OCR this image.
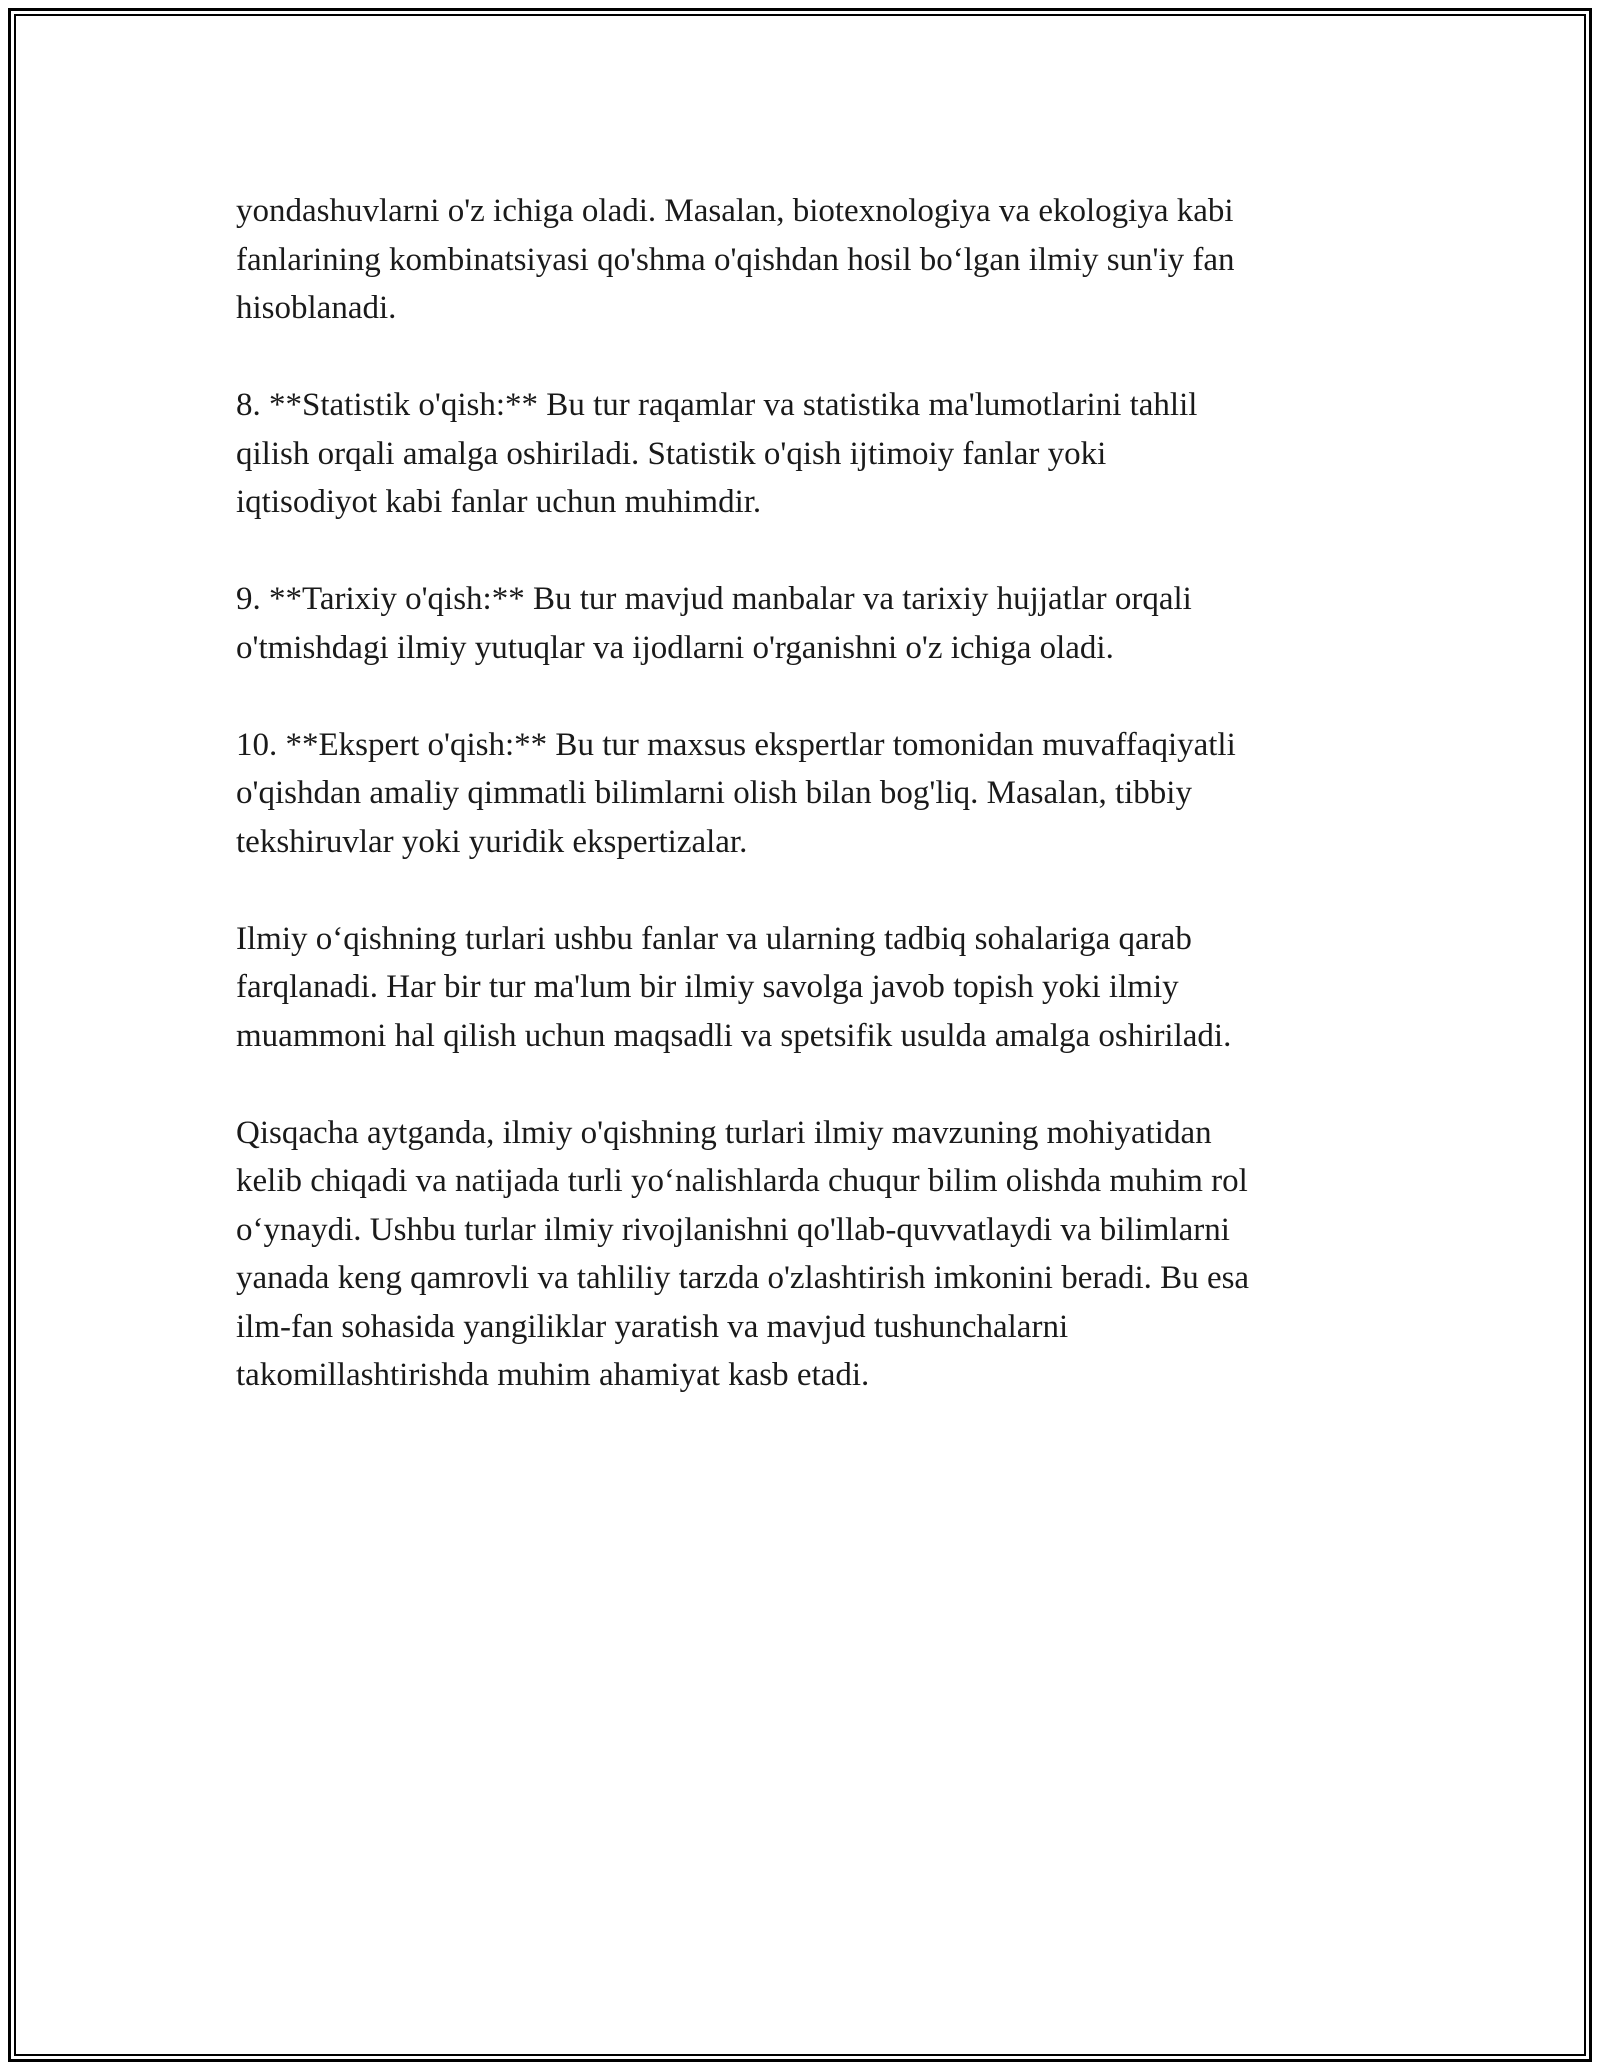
yondashuvlarni o'z ichiga oladi. Masalan, biotexnologiya va ekologiya kabi
fanlarining kombinatsiyasi qo'shma o'qishdan hosil bo‘lgan ilmiy sun'iy fan
hisoblanadi.

8. **Statistik o'qish:** Bu tur raqamlar va statistika ma'lumotlarini tahlil
qilish orqali amalga oshiriladi. Statistik o'qish ijtimoiy fanlar yoki
iqtisodiyot kabi fanlar uchun muhimdir.

9. **Tarixiy o'qish:** Bu tur mavjud manbalar va tarixiy hujjatlar orqali
o'tmishdagi ilmiy yutuqlar va ijodlarni o'rganishni o'z ichiga oladi.

10. **Ekspert o'qish:** Bu tur maxsus ekspertlar tomonidan muvaffaqiyatli
o'qishdan amaliy qimmatli bilimlarni olish bilan bog'liq. Masalan, tibbiy
tekshiruvlar yoki yuridik ekspertizalar.

Ilmiy o‘qishning turlari ushbu fanlar va ularning tadbiq sohalariga qarab
farqlanadi. Har bir tur ma'lum bir ilmiy savolga javob topish yoki ilmiy
muammoni hal qilish uchun maqsadli va spetsifik usulda amalga oshiriladi.

Qisqacha aytganda, ilmiy o'qishning turlari ilmiy mavzuning mohiyatidan
kelib chiqadi va natijada turli yo‘nalishlarda chuqur bilim olishda muhim rol
o‘ynaydi. Ushbu turlar ilmiy rivojlanishni qo'llab-quvvatlaydi va bilimlarni
yanada keng qamrovli va tahliliy tarzda o'zlashtirish imkonini beradi. Bu esa
ilm-fan sohasida yangiliklar yaratish va mavjud tushunchalarni
takomillashtirishda muhim ahamiyat kasb etadi.
